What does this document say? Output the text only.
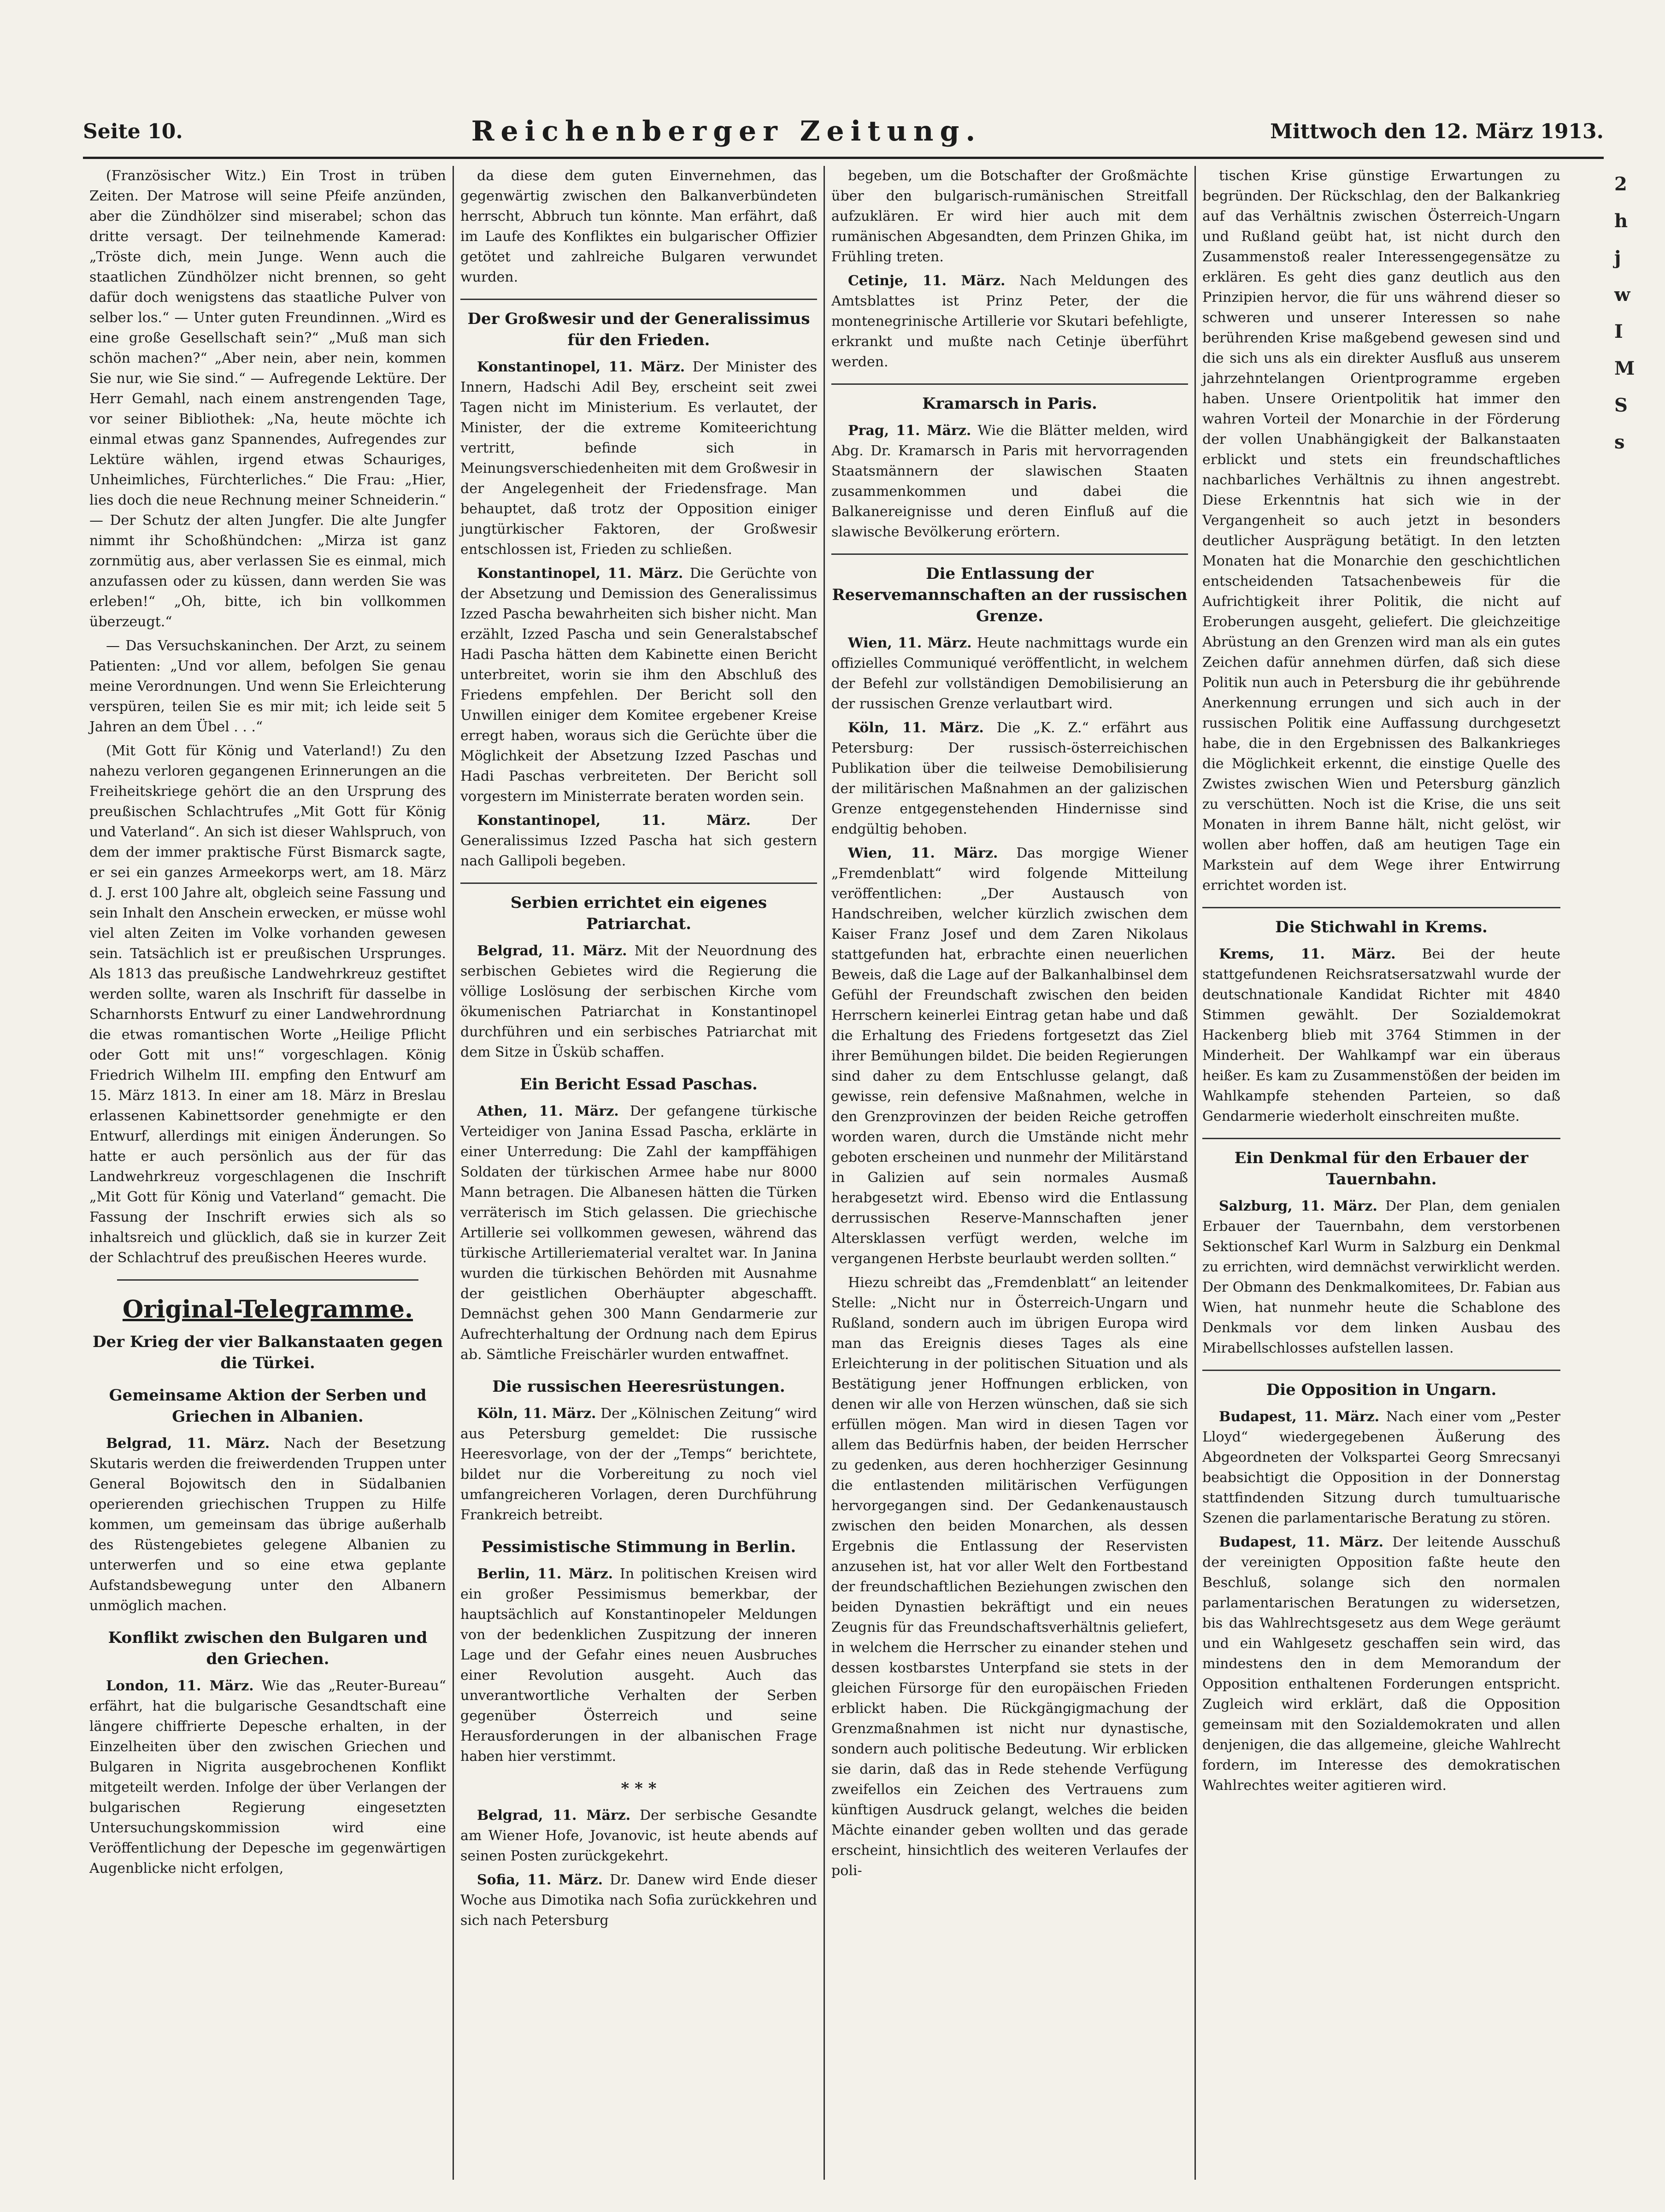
Seite 10.	Reichenberger Zeitung.	Mittwoch den 12. März 1913.

(Französischer Witz.) Ein Trost in trüben Zeiten. Der Matrose will seine Pfeife anzünden, aber die Zündhölzer sind miserabel; schon das dritte versagt. Der teilnehmende Kamerad: „Tröste dich, mein Junge. Wenn auch die staatlichen Zündhölzer nicht brennen, so geht dafür doch wenigstens das staatliche Pulver von selber los.“ — Unter guten Freundinnen. „Wird es eine große Gesellschaft sein?“ „Muß man sich schön machen?“ „Aber nein, aber nein, kommen Sie nur, wie Sie sind.“ — Aufregende Lektüre. Der Herr Gemahl, nach einem anstrengenden Tage, vor seiner Bibliothek: „Na, heute möchte ich einmal etwas ganz Spannendes, Aufregendes zur Lektüre wählen, irgend etwas Schauriges, Unheimliches, Fürchterliches.“ Die Frau: „Hier, lies doch die neue Rechnung meiner Schneiderin.“ — Der Schutz der alten Jungfer. Die alte Jungfer nimmt ihr Schoßhündchen: „Mirza ist ganz zornmütig aus, aber verlassen Sie es einmal, mich anzufassen oder zu küssen, dann werden Sie was erleben!“ „Oh, bitte, ich bin vollkommen überzeugt.“

— Das Versuchskaninchen. Der Arzt, zu seinem Patienten: „Und vor allem, befolgen Sie genau meine Verordnungen. Und wenn Sie Erleichterung verspüren, teilen Sie es mir mit; ich leide seit 5 Jahren an dem Übel . . .“

(Mit Gott für König und Vaterland!) Zu den nahezu verloren gegangenen Erinnerungen an die Freiheitskriege gehört die an den Ursprung des preußischen Schlachtrufes „Mit Gott für König und Vaterland“. An sich ist dieser Wahlspruch, von dem der immer praktische Fürst Bismarck sagte, er sei ein ganzes Armeekorps wert, am 18. März d. J. erst 100 Jahre alt, obgleich seine Fassung und sein Inhalt den Anschein erwecken, er müsse wohl viel alten Zeiten im Volke vorhanden gewesen sein. Tatsächlich ist er preußischen Ursprunges. Als 1813 das preußische Landwehrkreuz gestiftet werden sollte, waren als Inschrift für dasselbe in Scharnhorsts Entwurf zu einer Landwehrordnung die etwas romantischen Worte „Heilige Pflicht oder Gott mit uns!“ vorgeschlagen. König Friedrich Wilhelm III. empfing den Entwurf am 15. März 1813. In einer am 18. März in Breslau erlassenen Kabinettsorder genehmigte er den Entwurf, allerdings mit einigen Änderungen. So hatte er auch persönlich aus der für das Landwehrkreuz vorgeschlagenen die Inschrift „Mit Gott für König und Vaterland“ gemacht. Die Fassung der Inschrift erwies sich als so inhaltsreich und glücklich, daß sie in kurzer Zeit der Schlachtruf des preußischen Heeres wurde.

Original-Telegramme.
Der Krieg der vier Balkanstaaten gegen die Türkei.
Gemeinsame Aktion der Serben und Griechen in Albanien.

Belgrad, 11. März. Nach der Besetzung Skutaris werden die freiwerdenden Truppen unter General Bojowitsch den in Südalbanien operierenden griechischen Truppen zu Hilfe kommen, um gemeinsam das übrige außerhalb des Rüstengebietes gelegene Albanien zu unterwerfen und so eine etwa geplante Aufstandsbewegung unter den Albanern unmöglich machen.

Konflikt zwischen den Bulgaren und den Griechen.

London, 11. März. Wie das „Reuter-Bureau“ erfährt, hat die bulgarische Gesandtschaft eine längere chiffrierte Depesche erhalten, in der Einzelheiten über den zwischen Griechen und Bulgaren in Nigrita ausgebrochenen Konflikt mitgeteilt werden. Infolge der über Verlangen der bulgarischen Regierung eingesetzten Untersuchungskommission wird eine Veröffentlichung der Depesche im gegenwärtigen Augenblicke nicht erfolgen,

da diese dem guten Einvernehmen, das gegenwärtig zwischen den Balkanverbündeten herrscht, Abbruch tun könnte. Man erfährt, daß im Laufe des Konfliktes ein bulgarischer Offizier getötet und zahlreiche Bulgaren verwundet wurden.

Der Großwesir und der Generalissimus für den Frieden.

Konstantinopel, 11. März. Der Minister des Innern, Hadschi Adil Bey, erscheint seit zwei Tagen nicht im Ministerium. Es verlautet, der Minister, der die extreme Komiteerichtung vertritt, befinde sich in Meinungsverschiedenheiten mit dem Großwesir in der Angelegenheit der Friedensfrage. Man behauptet, daß trotz der Opposition einiger jungtürkischer Faktoren, der Großwesir entschlossen ist, Frieden zu schließen.

Konstantinopel, 11. März. Die Gerüchte von der Absetzung und Demission des Generalissimus Izzed Pascha bewahrheiten sich bisher nicht. Man erzählt, Izzed Pascha und sein Generalstabschef Hadi Pascha hätten dem Kabinette einen Bericht unterbreitet, worin sie ihm den Abschluß des Friedens empfehlen. Der Bericht soll den Unwillen einiger dem Komitee ergebener Kreise erregt haben, woraus sich die Gerüchte über die Möglichkeit der Absetzung Izzed Paschas und Hadi Paschas verbreiteten. Der Bericht soll vorgestern im Ministerrate beraten worden sein.

Konstantinopel, 11. März.	Der Generalissimus Izzed Pascha hat sich gestern nach Gallipoli begeben.

Serbien errichtet ein eigenes Patriarchat.

Belgrad, 11. März. Mit der Neuordnung des serbischen Gebietes wird die Regierung die völlige Loslösung der serbischen Kirche vom ökumenischen Patriarchat in Konstantinopel durchführen und ein serbisches Patriarchat mit dem Sitze in Üsküb schaffen.

Ein Bericht Essad Paschas.

Athen, 11. März. Der gefangene türkische Verteidiger von Janina Essad Pascha, erklärte in einer Unterredung: Die Zahl der kampffähigen Soldaten der türkischen Armee habe nur 8000 Mann betragen. Die Albanesen hätten die Türken verräterisch im Stich gelassen. Die griechische Artillerie sei vollkommen gewesen, während das türkische Artilleriematerial veraltet war. In Janina wurden die türkischen Behörden mit Ausnahme der geistlichen Oberhäupter abgeschafft. Demnächst gehen 300 Mann Gendarmerie zur Aufrechterhaltung der Ordnung nach dem Epirus ab. Sämtliche Freischärler wurden entwaffnet.

Die russischen Heeresrüstungen.

Köln, 11. März. Der „Kölnischen Zeitung“ wird aus Petersburg gemeldet: Die russische Heeresvorlage, von der der „Temps“ berichtete, bildet nur die Vorbereitung zu noch viel umfangreicheren Vorlagen, deren Durchführung Frankreich betreibt.

Pessimistische Stimmung in Berlin.

Berlin, 11. März. In politischen Kreisen wird ein großer Pessimismus bemerkbar, der hauptsächlich auf Konstantinopeler Meldungen von der bedenklichen Zuspitzung der inneren Lage und der Gefahr eines neuen Ausbruches einer Revolution ausgeht. Auch das unverantwortliche Verhalten der Serben gegenüber Österreich und seine Herausforderungen in der albanischen Frage haben hier verstimmt.

* * *

Belgrad, 11. März. Der serbische Gesandte am Wiener Hofe, Jovanovic, ist heute abends auf seinen Posten zurückgekehrt.

Sofia, 11. März. Dr. Danew wird Ende dieser Woche aus Dimotika nach Sofia zurückkehren und sich nach Petersburg

begeben, um die Botschafter der Großmächte über den bulgarisch-rumänischen Streitfall aufzuklären. Er wird hier auch mit dem rumänischen Abgesandten, dem Prinzen Ghika, im Frühling treten.

Cetinje, 11. März. Nach Meldungen des Amtsblattes ist Prinz Peter, der die montenegrinische Artillerie vor Skutari befehligte, erkrankt und mußte nach Cetinje überführt werden.

Kramarsch in Paris.

Prag, 11. März. Wie die Blätter melden, wird Abg. Dr. Kramarsch in Paris mit hervorragenden Staatsmännern der slawischen Staaten zusammenkommen und dabei die Balkanereignisse und deren Einfluß auf die slawische Bevölkerung erörtern.

Die Entlassung der Reservemannschaften an der russischen Grenze.

Wien, 11. März. Heute nachmittags wurde ein offizielles Communiqué veröffentlicht, in welchem der Befehl zur vollständigen Demobilisierung an der russischen Grenze verlautbart wird.

Köln, 11. März. Die „K. Z.“ erfährt aus Petersburg: Der russisch-österreichischen Publikation über die teilweise Demobilisierung der militärischen Maßnahmen an der galizischen Grenze entgegenstehenden Hindernisse sind endgültig behoben.

Wien, 11. März. Das morgige Wiener „Fremdenblatt“ wird folgende Mitteilung veröffentlichen: „Der Austausch von Handschreiben, welcher kürzlich zwischen dem Kaiser Franz Josef und dem Zaren Nikolaus stattgefunden hat, erbrachte einen neuerlichen Beweis, daß die Lage auf der Balkanhalbinsel dem Gefühl der Freundschaft zwischen den beiden Herrschern keinerlei Eintrag getan habe und daß die Erhaltung des Friedens fortgesetzt das Ziel ihrer Bemühungen bildet. Die beiden Regierungen sind daher zu dem Entschlusse gelangt, daß gewisse, rein defensive Maßnahmen, welche in den Grenzprovinzen der beiden Reiche getroffen worden waren, durch die Umstände nicht mehr geboten erscheinen und nunmehr der Militärstand in Galizien auf sein normales Ausmaß herabgesetzt wird. Ebenso wird die Entlassung derrussischen Reserve-Mannschaften jener Altersklassen verfügt werden, welche im vergangenen Herbste beurlaubt werden sollten.“

Hiezu schreibt das „Fremdenblatt“ an leitender Stelle: „Nicht nur in Österreich-Ungarn und Rußland, sondern auch im übrigen Europa wird man das Ereignis dieses Tages als eine Erleichterung in der politischen Situation und als Bestätigung jener Hoffnungen erblicken, von denen wir alle von Herzen wünschen, daß sie sich erfüllen mögen. Man wird in diesen Tagen vor allem das Bedürfnis haben, der beiden Herrscher zu gedenken, aus deren hochherziger Gesinnung die entlastenden militärischen Verfügungen hervorgegangen sind. Der Gedankenaustausch zwischen den beiden Monarchen, als dessen Ergebnis die Entlassung der Reservisten anzusehen ist, hat vor aller Welt den Fortbestand der freundschaftlichen Beziehungen zwischen den beiden Dynastien bekräftigt und ein neues Zeugnis für das Freundschaftsverhältnis geliefert, in welchem die Herrscher zu einander stehen und dessen kostbarstes Unterpfand sie stets in der gleichen Fürsorge für den europäischen Frieden erblickt haben. Die Rückgängigmachung der Grenzmaßnahmen ist nicht nur dynastische, sondern auch politische Bedeutung. Wir erblicken sie darin, daß das in Rede stehende Verfügung zweifellos ein Zeichen des Vertrauens zum künftigen Ausdruck gelangt, welches die beiden Mächte einander geben wollten und das gerade erscheint, hinsichtlich des weiteren Verlaufes der poli-

tischen Krise günstige Erwartungen zu begründen. Der Rückschlag, den der Balkankrieg auf das Verhältnis zwischen Österreich-Ungarn und Rußland geübt hat, ist nicht durch den Zusammenstoß realer Interessengegensätze zu erklären. Es geht dies ganz deutlich aus den Prinzipien hervor, die für uns während dieser so schweren und unserer Interessen so nahe berührenden Krise maßgebend gewesen sind und die sich uns als ein direkter Ausfluß aus unserem jahrzehntelangen Orientprogramme ergeben haben. Unsere Orientpolitik hat immer den wahren Vorteil der Monarchie in der Förderung der vollen Unabhängigkeit der Balkanstaaten erblickt und stets ein freundschaftliches nachbarliches Verhältnis zu ihnen angestrebt. Diese Erkenntnis hat sich wie in der Vergangenheit so auch jetzt in besonders deutlicher Ausprägung betätigt. In den letzten Monaten hat die Monarchie den geschichtlichen entscheidenden Tatsachenbeweis für die Aufrichtigkeit ihrer Politik, die nicht auf Eroberungen ausgeht, geliefert. Die gleichzeitige Abrüstung an den Grenzen wird man als ein gutes Zeichen dafür annehmen dürfen, daß sich diese Politik nun auch in Petersburg die ihr gebührende Anerkennung errungen und sich auch in der russischen Politik eine Auffassung durchgesetzt habe, die in den Ergebnissen des Balkankrieges die Möglichkeit erkennt, die einstige Quelle des Zwistes zwischen Wien und Petersburg gänzlich zu verschütten. Noch ist die Krise, die uns seit Monaten in ihrem Banne hält, nicht gelöst, wir wollen aber hoffen, daß am heutigen Tage ein Markstein auf dem Wege ihrer Entwirrung errichtet worden ist.

Die Stichwahl in Krems.

Krems, 11. März. Bei der heute stattgefundenen Reichsratsersatzwahl wurde der deutschnationale Kandidat Richter mit 4840 Stimmen gewählt. Der Sozialdemokrat Hackenberg blieb mit 3764 Stimmen in der Minderheit. Der Wahlkampf war ein überaus heißer. Es kam zu Zusammenstößen der beiden im Wahlkampfe stehenden Parteien, so daß Gendarmerie wiederholt einschreiten mußte.

Ein Denkmal für den Erbauer der Tauernbahn.

Salzburg, 11. März. Der Plan, dem genialen Erbauer der Tauernbahn, dem verstorbenen Sektionschef Karl Wurm in Salzburg ein Denkmal zu errichten, wird demnächst verwirklicht werden. Der Obmann des Denkmalkomitees, Dr. Fabian aus Wien, hat nunmehr heute die Schablone des Denkmals vor dem linken Ausbau des Mirabellschlosses aufstellen lassen.

Die Opposition in Ungarn.

Budapest, 11. März. Nach einer vom „Pester Lloyd“ wiedergegebenen Äußerung des Abgeordneten der Volkspartei Georg Smrecsanyi beabsichtigt die Opposition in der Donnerstag stattfindenden Sitzung durch tumultuarische Szenen die parlamentarische Beratung zu stören.

Budapest, 11. März. Der leitende Ausschuß der vereinigten Opposition faßte heute den Beschluß, solange sich den normalen parlamentarischen Beratungen zu widersetzen, bis das Wahlrechtsgesetz aus dem Wege geräumt und ein Wahlgesetz geschaffen sein wird, das mindestens den in dem Memorandum der Opposition enthaltenen Forderungen entspricht. Zugleich wird erklärt, daß die Opposition gemeinsam mit den Sozialdemokraten und allen denjenigen, die das allgemeine, gleiche Wahlrecht fordern, im Interesse des demokratischen Wahlrechtes weiter agitieren wird.

2 h j w I M S s
